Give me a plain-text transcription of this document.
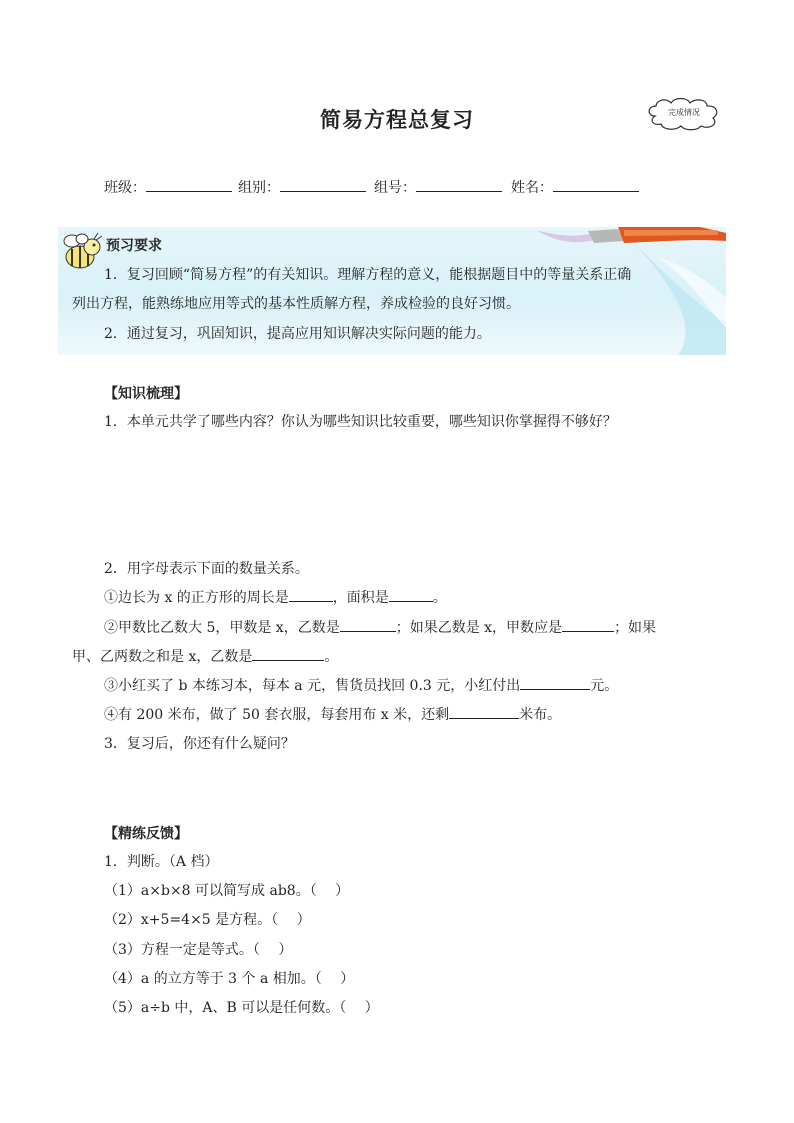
简易方程总复习	完成情况
班级：	组别：	组号：	姓名：
预习要求
1．复习回顾“简易方程”的有关知识。理解方程的意义，能根据题目中的等量关系正确
列出方程，能熟练地应用等式的基本性质解方程，养成检验的良好习惯。
2．通过复习，巩固知识，提高应用知识解决实际问题的能力。
【知识梳理】
1．本单元共学了哪些内容？你认为哪些知识比较重要，哪些知识你掌握得不够好？
2．用字母表示下面的数量关系。
①边长为 x 的正方形的周长是	，面积是	。
②甲数比乙数大 5，甲数是 x，乙数是	；如果乙数是 x，甲数应是	；如果
甲、乙两数之和是 x，乙数是	。
③小红买了 b 本练习本，每本 a 元，售货员找回 0.3 元，小红付出	元。
④有 200 米布，做了 50 套衣服，每套用布 x 米，还剩	米布。
3．复习后，你还有什么疑问？
【精练反馈】
1．判断。（A 档）
（1）a×b×8 可以简写成 ab8。（　 ）
（2）x+5=4×5 是方程。（　 ）
（3）方程一定是等式。（　 ）
（4）a 的立方等于 3 个 a 相加。（　 ）
（5）a÷b 中，A、B 可以是任何数。（　 ）
